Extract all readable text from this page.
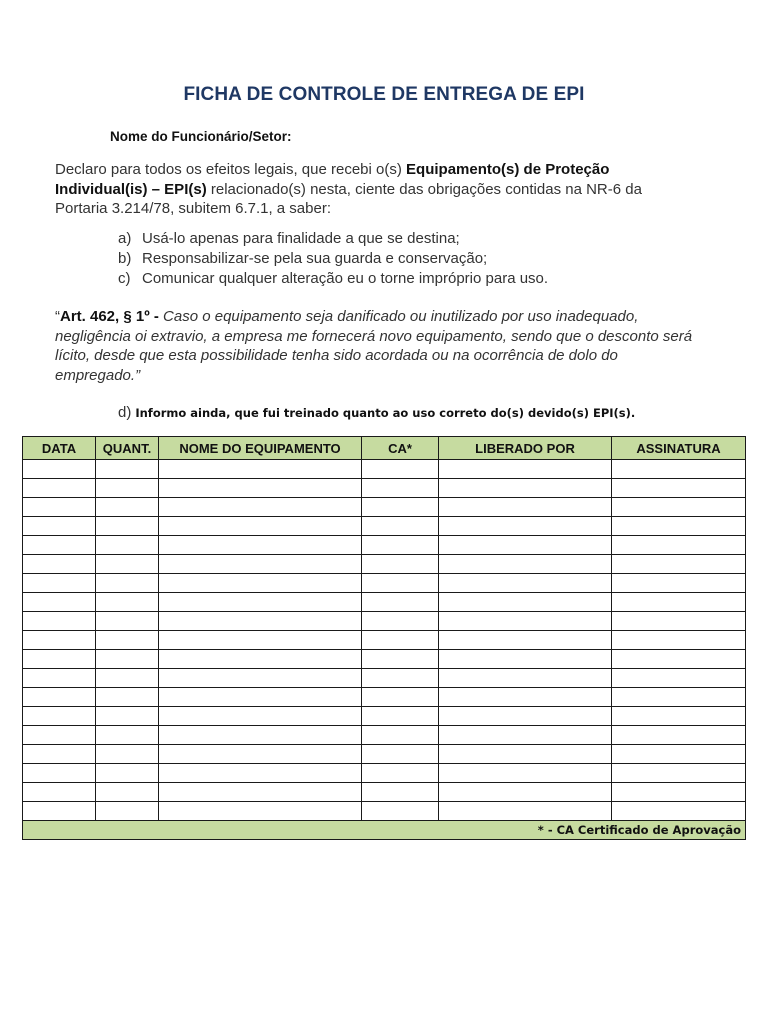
FICHA DE CONTROLE DE ENTREGA DE EPI
Nome do Funcionário/Setor:
Declaro para todos os efeitos legais, que recebi o(s) Equipamento(s) de Proteção Individual(is) – EPI(s) relacionado(s) nesta, ciente das obrigações contidas na NR-6 da Portaria 3.214/78, subitem 6.7.1, a saber:
a) Usá-lo apenas para finalidade a que se destina;
b) Responsabilizar-se pela sua guarda e conservação;
c) Comunicar qualquer alteração eu o torne impróprio para uso.
“Art. 462, § 1º - Caso o equipamento seja danificado ou inutilizado por uso inadequado, negligência oi extravio, a empresa me fornecerá novo equipamento, sendo que o desconto será lícito, desde que esta possibilidade tenha sido acordada ou na ocorrência de dolo do empregado.”
d) Informo ainda, que fui treinado quanto ao uso correto do(s) devido(s) EPI(s).
DATA	QUANT.	NOME DO EQUIPAMENTO	CA*	LIBERADO POR	ASSINATURA

* - CA Certificado de Aprovação					
